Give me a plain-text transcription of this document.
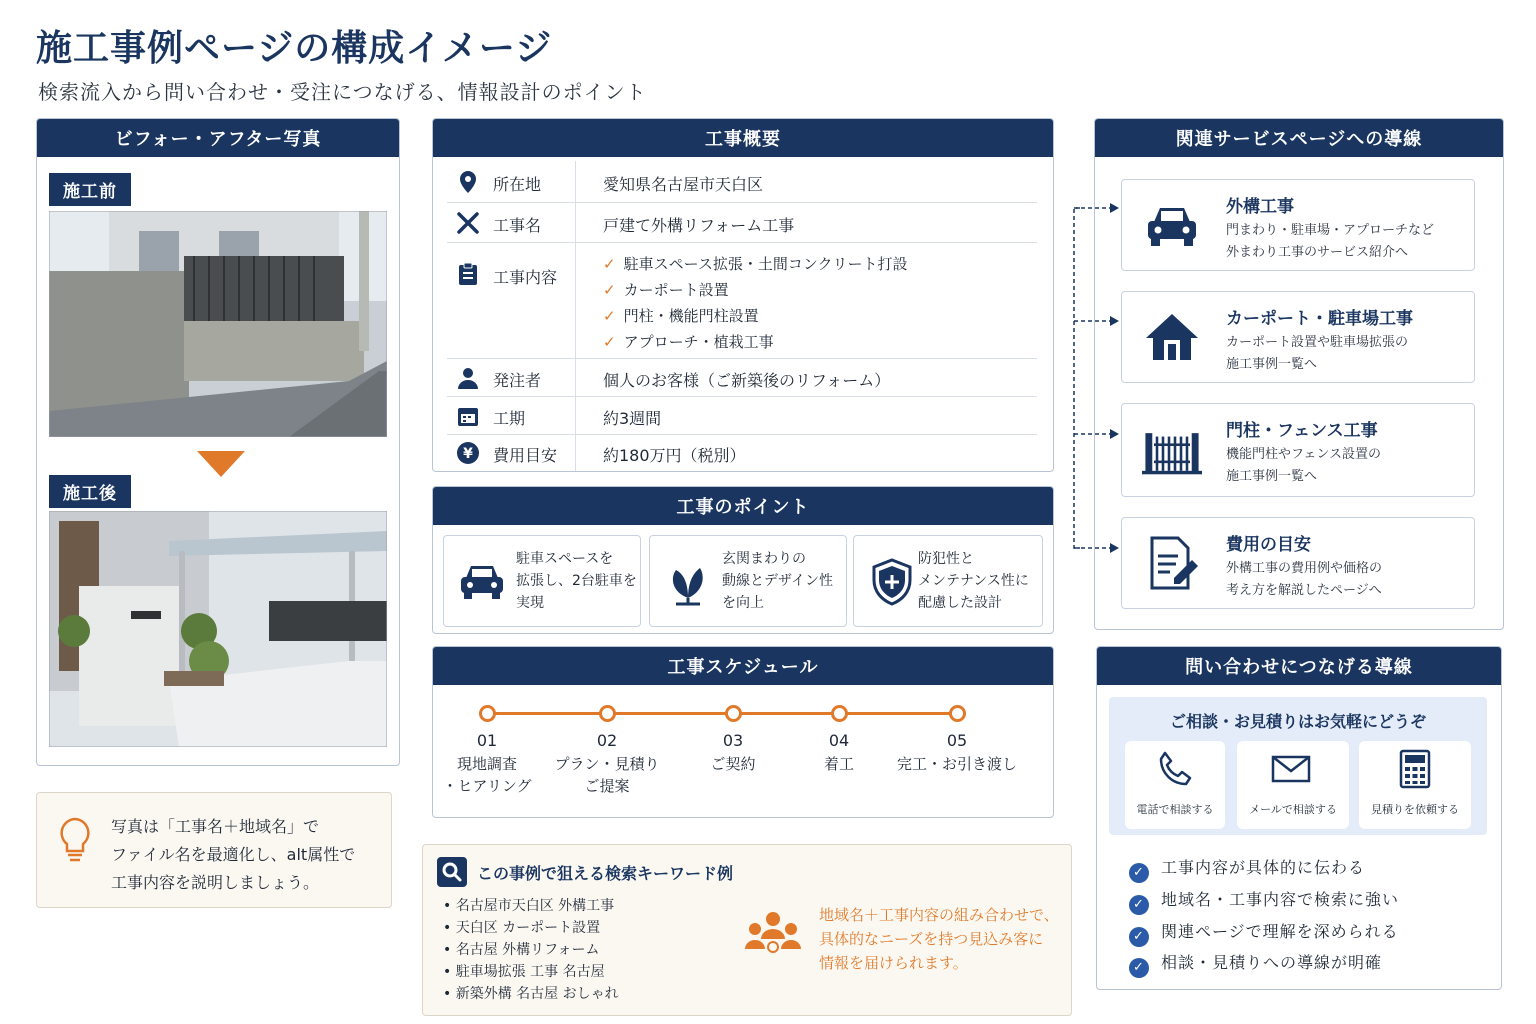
施工事例ページの構成イメージ
検索流入から問い合わせ・受注につなげる、情報設計のポイント
ビフォー・アフター写真
施工前
施工後
写真は「工事名＋地域名」で
ファイル名を最適化し、alt属性で
工事内容を説明しましょう。
工事概要
所在地	愛知県名古屋市天白区
工事名	戸建て外構リフォーム工事
工事内容
✓ 駐車スペース拡張・土間コンクリート打設
✓ カーポート設置
✓ 門柱・機能門柱設置
✓ アプローチ・植栽工事
発注者	個人のお客様（ご新築後のリフォーム）
工期	約3週間
¥ 費用目安	約180万円（税別）
工事のポイント
駐車スペースを
拡張し、2台駐車を
実現
玄関まわりの
動線とデザイン性
を向上
防犯性と
メンテナンス性に
配慮した設計
工事スケジュール
01
現地調査
・ヒアリング
02
プラン・見積り
ご提案
03
ご契約
04
着工
05
完工・お引き渡し
この事例で狙える検索キーワード例
• 名古屋市天白区 外構工事
• 天白区 カーポート設置
• 名古屋 外構リフォーム
• 駐車場拡張 工事 名古屋
• 新築外構 名古屋 おしゃれ
地域名＋工事内容の組み合わせで、
具体的なニーズを持つ見込み客に
情報を届けられます。
関連サービスページへの導線
外構工事
門まわり・駐車場・アプローチなど
外まわり工事のサービス紹介へ
カーポート・駐車場工事
カーポート設置や駐車場拡張の
施工事例一覧へ
門柱・フェンス工事
機能門柱やフェンス設置の
施工事例一覧へ
費用の目安
外構工事の費用例や価格の
考え方を解説したページへ
問い合わせにつなげる導線
ご相談・お見積りはお気軽にどうぞ
電話で相談する	メールで相談する	見積りを依頼する
✓ 工事内容が具体的に伝わる
✓ 地域名・工事内容で検索に強い
✓ 関連ページで理解を深められる
✓ 相談・見積りへの導線が明確
